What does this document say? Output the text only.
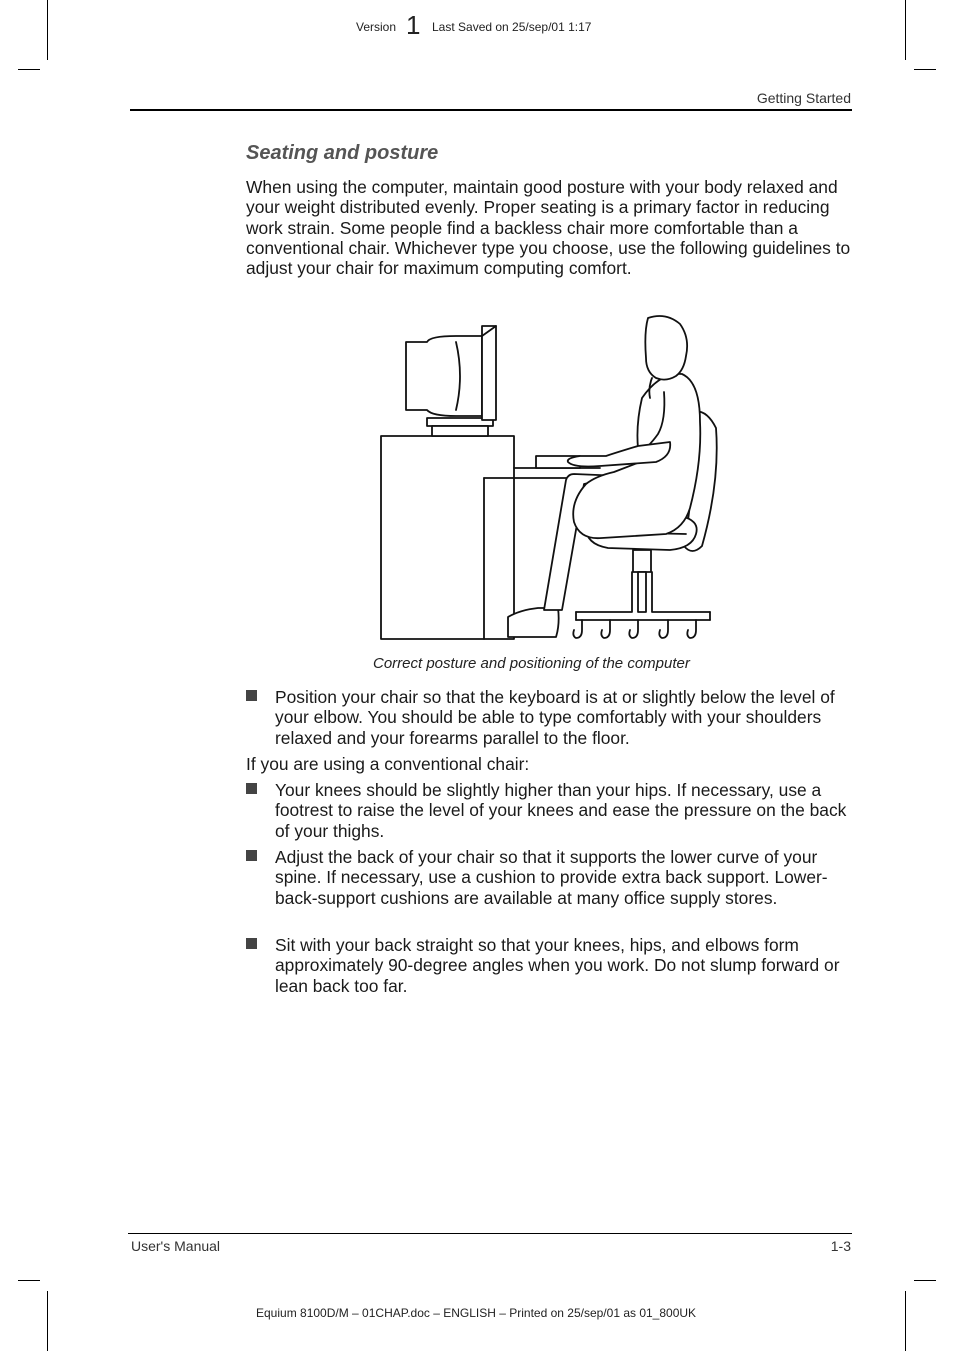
Version 1 Last Saved on 25/sep/01 1:17
Getting Started
Seating and posture
When using the computer, maintain good posture with your body relaxed and your weight distributed evenly. Proper seating is a primary factor in reducing work strain. Some people find a backless chair more comfortable than a conventional chair. Whichever type you choose, use the following guidelines to adjust your chair for maximum computing comfort.
Correct posture and positioning of the computer
Position your chair so that the keyboard is at or slightly below the level of your elbow. You should be able to type comfortably with your shoulders relaxed and your forearms parallel to the floor.
If you are using a conventional chair:
Your knees should be slightly higher than your hips. If necessary, use a footrest to raise the level of your knees and ease the pressure on the back of your thighs.
Adjust the back of your chair so that it supports the lower curve of your spine. If necessary, use a cushion to provide extra back support. Lower-back-support cushions are available at many office supply stores.
Sit with your back straight so that your knees, hips, and elbows form approximately 90-degree angles when you work. Do not slump forward or lean back too far.
User's Manual	1-3
Equium 8100D/M – 01CHAP.doc – ENGLISH – Printed on 25/sep/01 as 01_800UK
